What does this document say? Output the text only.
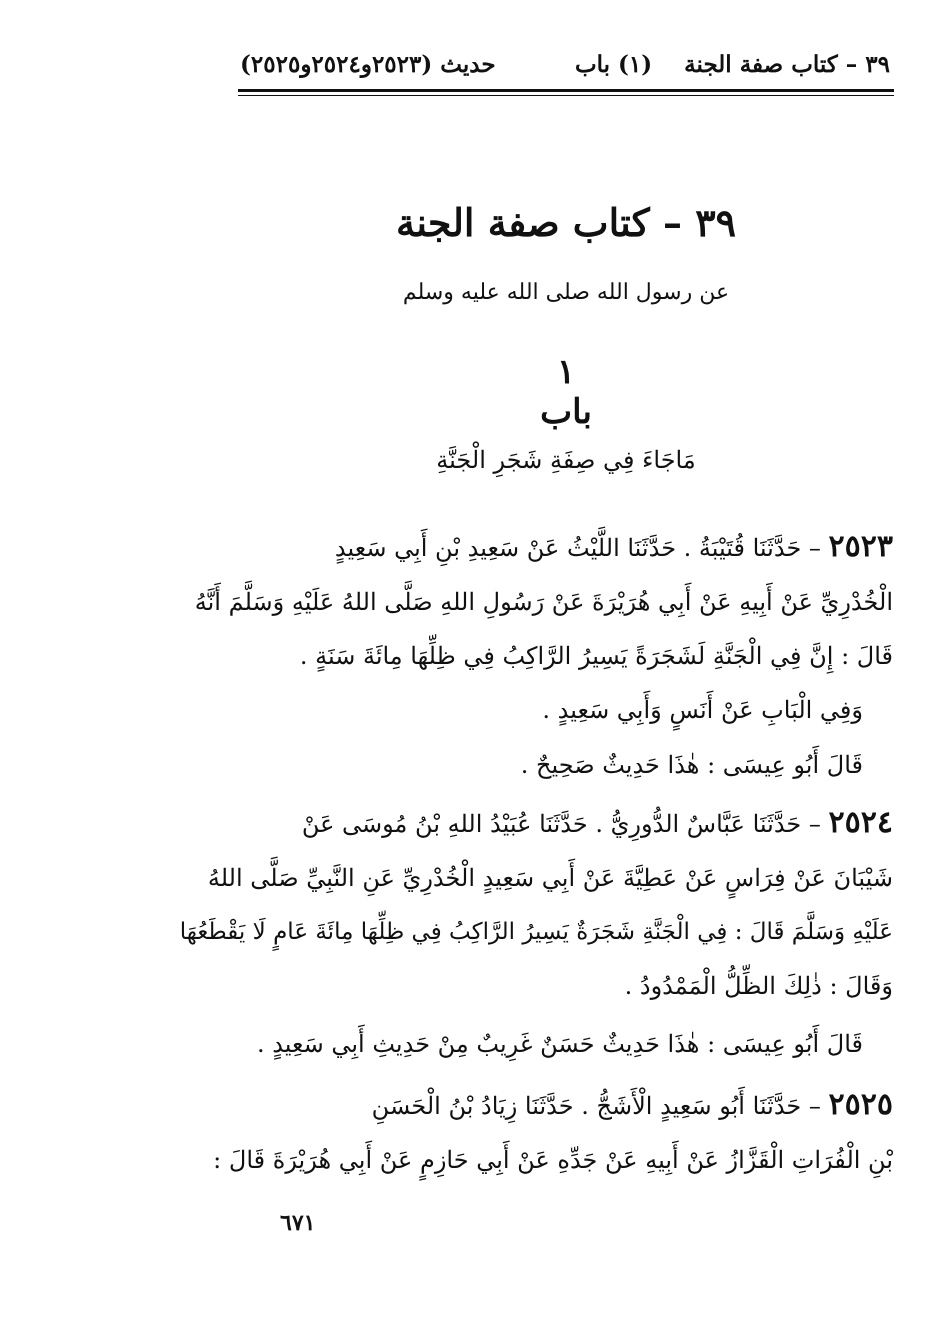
٣٩ – كتاب صفة الجنة    (١) باب
حديث (٢٥٢٣و٢٥٢٤و٢٥٢٥)
٣٩ – كتاب صفة الجنة
عن رسول الله صلى الله عليه وسلم
١
باب
مَاجَاءَ فِي صِفَةِ شَجَرِ الْجَنَّةِ
٢٥٢٣ – حَدَّثَنَا قُتَيْبَةُ . حَدَّثَنَا اللَّيْثُ عَنْ سَعِيدِ بْنِ أَبِي سَعِيدٍ
الْخُدْرِيِّ عَنْ أَبِيهِ عَنْ أَبِي هُرَيْرَةَ عَنْ رَسُولِ اللهِ صَلَّى اللهُ عَلَيْهِ وَسَلَّمَ أَنَّهُ
قَالَ : إِنَّ فِي الْجَنَّةِ لَشَجَرَةً يَسِيرُ الرَّاكِبُ فِي ظِلِّهَا مِائَةَ سَنَةٍ .
وَفِي الْبَابِ عَنْ أَنَسٍ وَأَبِي سَعِيدٍ .
قَالَ أَبُو عِيسَى : هٰذَا حَدِيثٌ صَحِيحٌ .
٢٥٢٤ – حَدَّثَنَا عَبَّاسٌ الدُّورِيُّ . حَدَّثَنَا عُبَيْدُ اللهِ بْنُ مُوسَى عَنْ
شَيْبَانَ عَنْ فِرَاسٍ عَنْ عَطِيَّةَ عَنْ أَبِي سَعِيدٍ الْخُدْرِيِّ عَنِ النَّبِيِّ صَلَّى اللهُ
عَلَيْهِ وَسَلَّمَ قَالَ : فِي الْجَنَّةِ شَجَرَةٌ يَسِيرُ الرَّاكِبُ فِي ظِلِّهَا مِائَةَ عَامٍ لَا يَقْطَعُهَا
وَقَالَ : ذٰلِكَ الظِّلُّ الْمَمْدُودُ .
قَالَ أَبُو عِيسَى : هٰذَا حَدِيثٌ حَسَنٌ غَرِيبٌ مِنْ حَدِيثِ أَبِي سَعِيدٍ .
٢٥٢٥ – حَدَّثَنَا أَبُو سَعِيدٍ الْأَشَجُّ . حَدَّثَنَا زِيَادُ بْنُ الْحَسَنِ
بْنِ الْفُرَاتِ الْقَزَّازُ عَنْ أَبِيهِ عَنْ جَدِّهِ عَنْ أَبِي حَازِمٍ عَنْ أَبِي هُرَيْرَةَ قَالَ :
٦٧١
